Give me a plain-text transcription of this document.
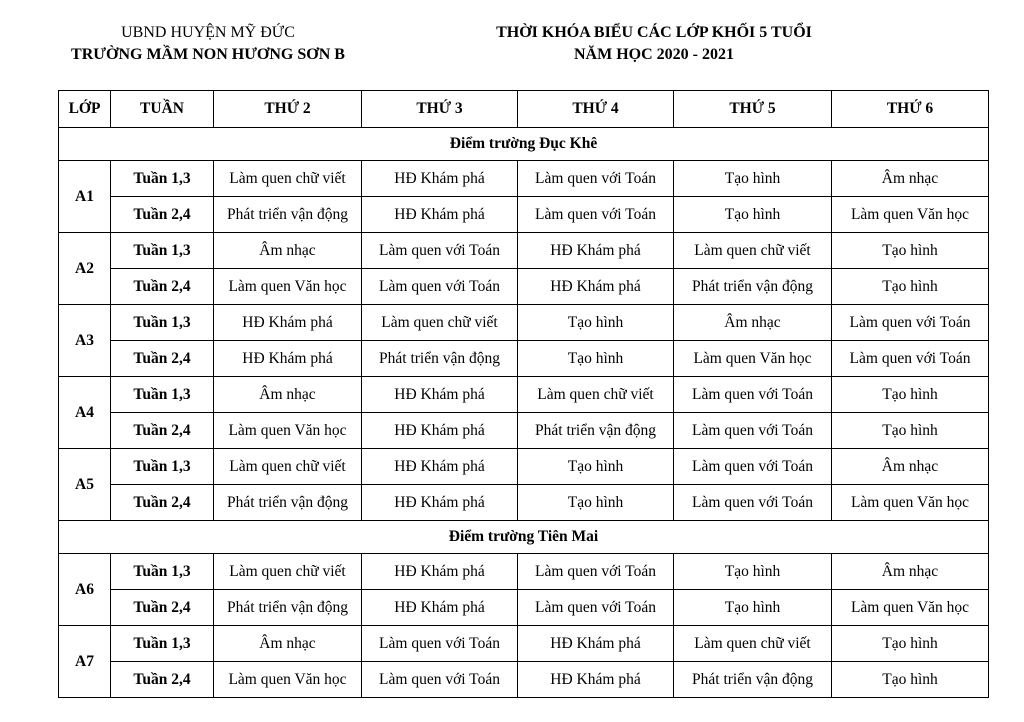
UBND HUYỆN MỸ ĐỨC
TRƯỜNG MẦM NON HƯƠNG SƠN B
THỜI KHÓA BIỂU CÁC LỚP KHỐI 5 TUỔI
NĂM HỌC 2020 - 2021
LỚP	TUẦN	THỨ 2	THỨ 3	THỨ 4	THỨ 5	THỨ 6
Điểm trường Đục Khê						
A1	Tuần 1,3	Làm quen chữ viết	HĐ Khám phá	Làm quen với Toán	Tạo hình	Âm nhạc
	Tuần 2,4	Phát triển vận động	HĐ Khám phá	Làm quen với Toán	Tạo hình	Làm quen Văn học
A2	Tuần 1,3	Âm nhạc	Làm quen với Toán	HĐ Khám phá	Làm quen chữ viết	Tạo hình
	Tuần 2,4	Làm quen Văn học	Làm quen với Toán	HĐ Khám phá	Phát triển vận động	Tạo hình
A3	Tuần 1,3	HĐ Khám phá	Làm quen chữ viết	Tạo hình	Âm nhạc	Làm quen với Toán
	Tuần 2,4	HĐ Khám phá	Phát triển vận động	Tạo hình	Làm quen Văn học	Làm quen với Toán
A4	Tuần 1,3	Âm nhạc	HĐ Khám phá	Làm quen chữ viết	Làm quen với Toán	Tạo hình
	Tuần 2,4	Làm quen Văn học	HĐ Khám phá	Phát triển vận động	Làm quen với Toán	Tạo hình
A5	Tuần 1,3	Làm quen chữ viết	HĐ Khám phá	Tạo hình	Làm quen với Toán	Âm nhạc
	Tuần 2,4	Phát triển vận động	HĐ Khám phá	Tạo hình	Làm quen với Toán	Làm quen Văn học
Điểm trường Tiên Mai						
A6	Tuần 1,3	Làm quen chữ viết	HĐ Khám phá	Làm quen với Toán	Tạo hình	Âm nhạc
	Tuần 2,4	Phát triển vận động	HĐ Khám phá	Làm quen với Toán	Tạo hình	Làm quen Văn học
A7	Tuần 1,3	Âm nhạc	Làm quen với Toán	HĐ Khám phá	Làm quen chữ viết	Tạo hình
	Tuần 2,4	Làm quen Văn học	Làm quen với Toán	HĐ Khám phá	Phát triển vận động	Tạo hình
